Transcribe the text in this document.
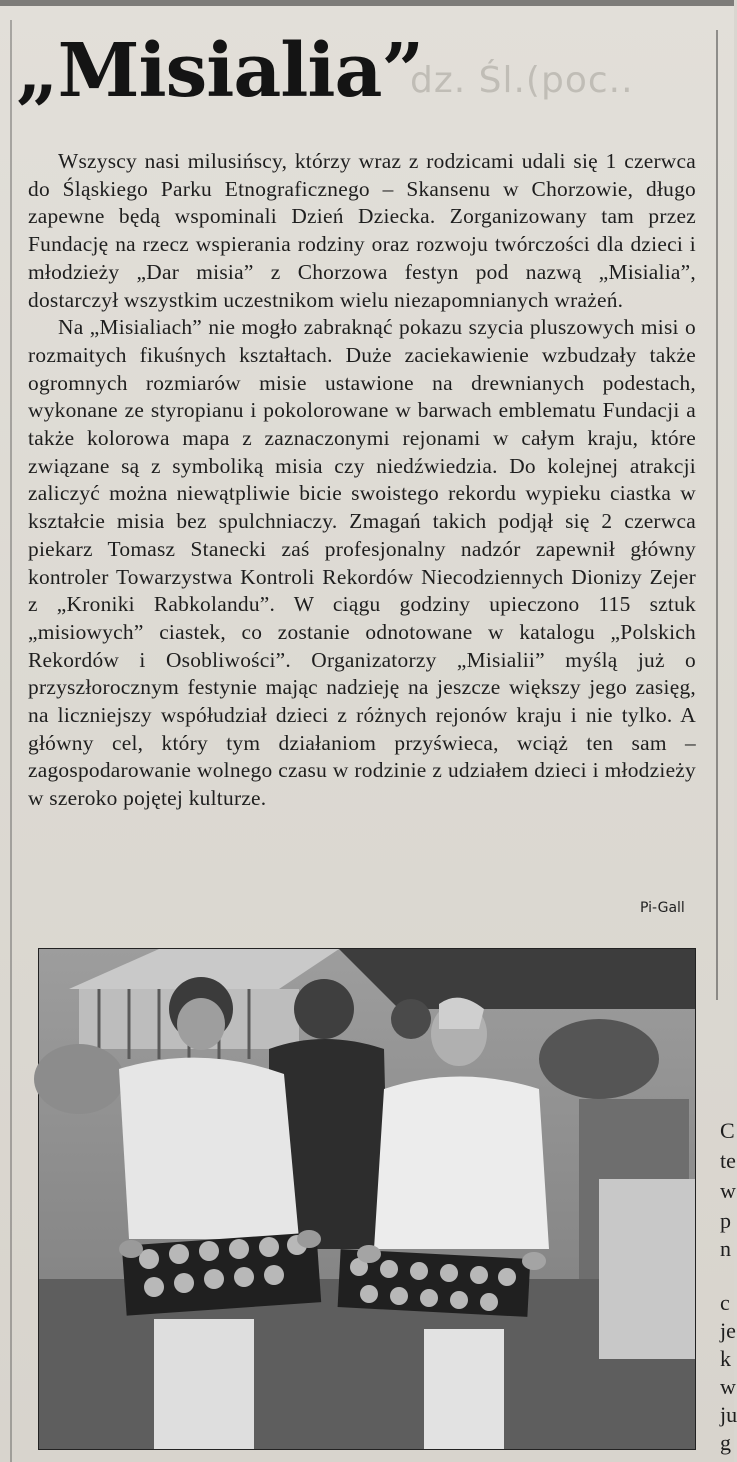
dz. Śl.(poc..
„Misialia”

Wszyscy nasi milusińscy, którzy wraz z rodzicami udali się 1 czerwca do Śląskiego Parku Etnograficznego – Skansenu w Chorzowie, długo zapewne będą wspominali Dzień Dziecka. Zorganizowany tam przez Fundację na rzecz wspierania rodziny oraz rozwoju twórczości dla dzieci i młodzieży „Dar misia” z Chorzowa festyn pod nazwą „Misialia”, dostarczył wszystkim uczestnikom wielu niezapomnianych wrażeń.

Na „Misialiach” nie mogło zabraknąć pokazu szycia pluszowych misi o rozmaitych fikuśnych kształtach. Duże zaciekawienie wzbudzały także ogromnych rozmiarów misie ustawione na drewnianych podestach, wykonane ze styropianu i pokolorowane w barwach emblematu Fundacji a także kolorowa mapa z zaznaczonymi rejonami w całym kraju, które związane są z symboliką misia czy niedźwiedzia. Do kolejnej atrakcji zaliczyć można niewątpliwie bicie swoistego rekordu wypieku ciastka w kształcie misia bez spulchniaczy. Zmagań takich podjął się 2 czerwca piekarz Tomasz Stanecki zaś profesjonalny nadzór zapewnił główny kontroler Towarzystwa Kontroli Rekordów Niecodziennych Dionizy Zejer z „Kroniki Rabkolandu”. W ciągu godziny upieczono 115 sztuk „misiowych” ciastek, co zostanie odnotowane w katalogu „Polskich Rekordów i Osobliwości”. Organizatorzy „Misialii” myślą już o przyszłorocznym festynie mając nadzieję na jeszcze większy jego zasięg, na liczniejszy współudział dzieci z różnych rejonów kraju i nie tylko. A główny cel, który tym działaniom przyświeca, wciąż ten sam – zagospodarowanie wolnego czasu w rodzinie z udziałem dzieci i młodzieży w szeroko pojętej kulturze.

Pi-Gall
C
te
w
p
n
c
je
k
w
ju
g
